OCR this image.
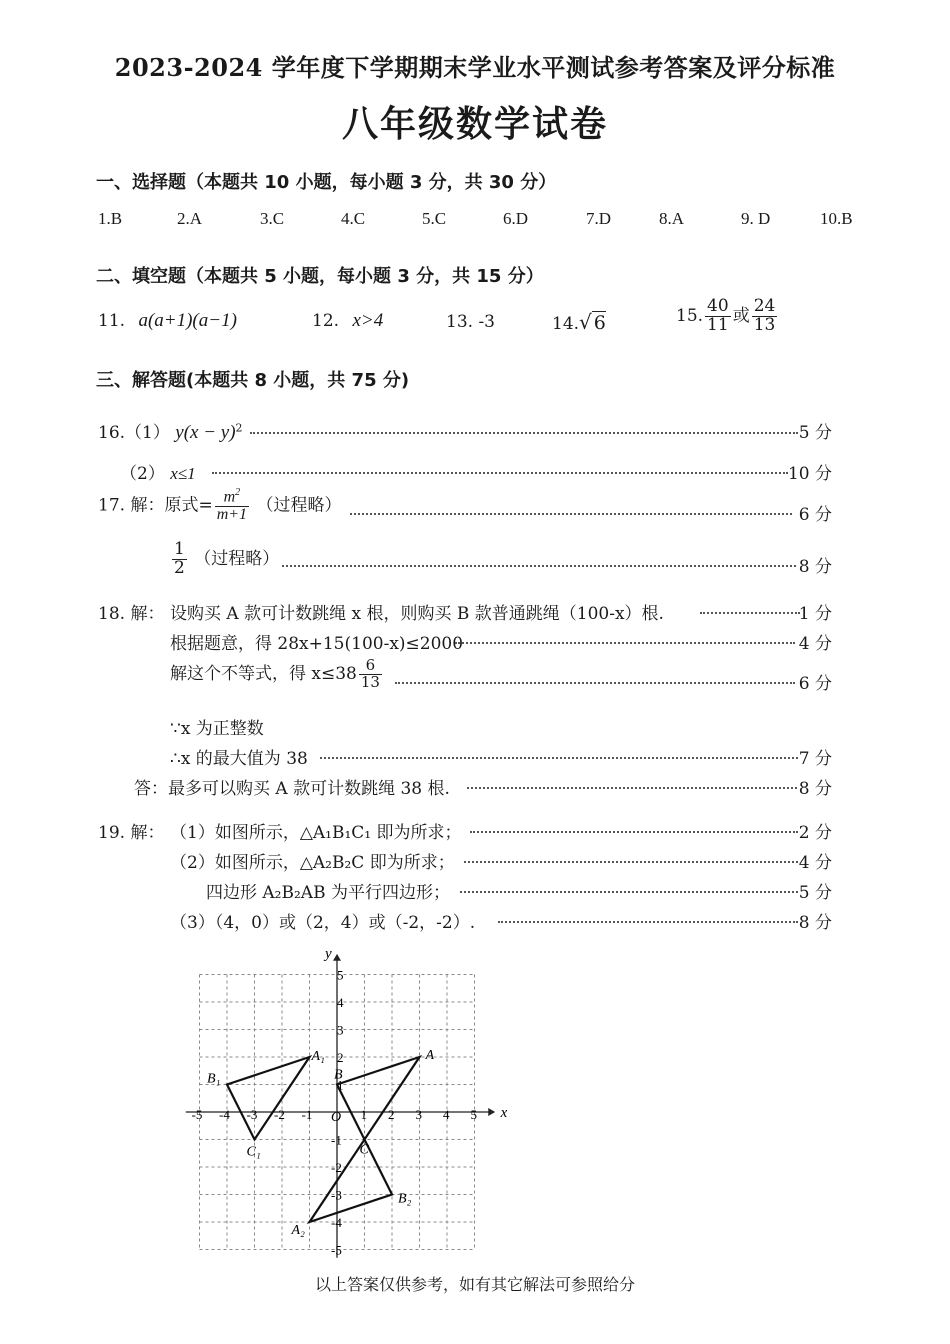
2023-2024 学年度下学期期末学业水平测试参考答案及评分标准
八年级数学试卷
一、选择题（本题共 10 小题，每小题 3 分，共 30 分）
1.B	2.A	3.C	4.C	5.C	6.D	7.D	8.A	9. D	10.B
二、填空题（本题共 5 小题，每小题 3 分，共 15 分）
11. a(a+1)(a−1)	12. x>4	13. -3	14.√ 6	15. $\frac{40}{11}$ 或 $\frac{24}{13}$
三、解答题(本题共 8 小题，共 75 分)
16.（1） $y(x - y)^2$	5 分
（2） x≤1	10 分
17. 解：原式= $\frac{m^2}{m+1}$ （过程略）	6 分
$\frac{1}{2}$ （过程略）	8 分
18. 解： 设购买 A 款可计数跳绳 x 根，则购买 B 款普通跳绳（100-x）根.	1 分
根据题意，得 28x+15(100-x)≤2000	4 分
解这个不等式，得 $x\le 38 \frac{6}{13}$	6 分
∵x 为正整数
∴x 的最大值为 38	7 分
答：最多可以购买 A 款可计数跳绳 38 根.	8 分
19. 解： （1）如图所示，△A₁B₁C₁ 即为所求；	2 分
（2）如图所示，△A₂B₂C 即为所求；	4 分
四边形 A₂B₂AB 为平行四边形；	5 分
（3）（4，0）或（2，4）或（-2，-2）.	8 分
x
y
-5 -4 -3 -2 -1	1 2 3 4 5
5
4
3
2
1
-1
-2
-3
-4
-5
O
A
B
C
A₁
B₁
C₁
A₂
B₂
以上答案仅供参考，如有其它解法可参照给分
